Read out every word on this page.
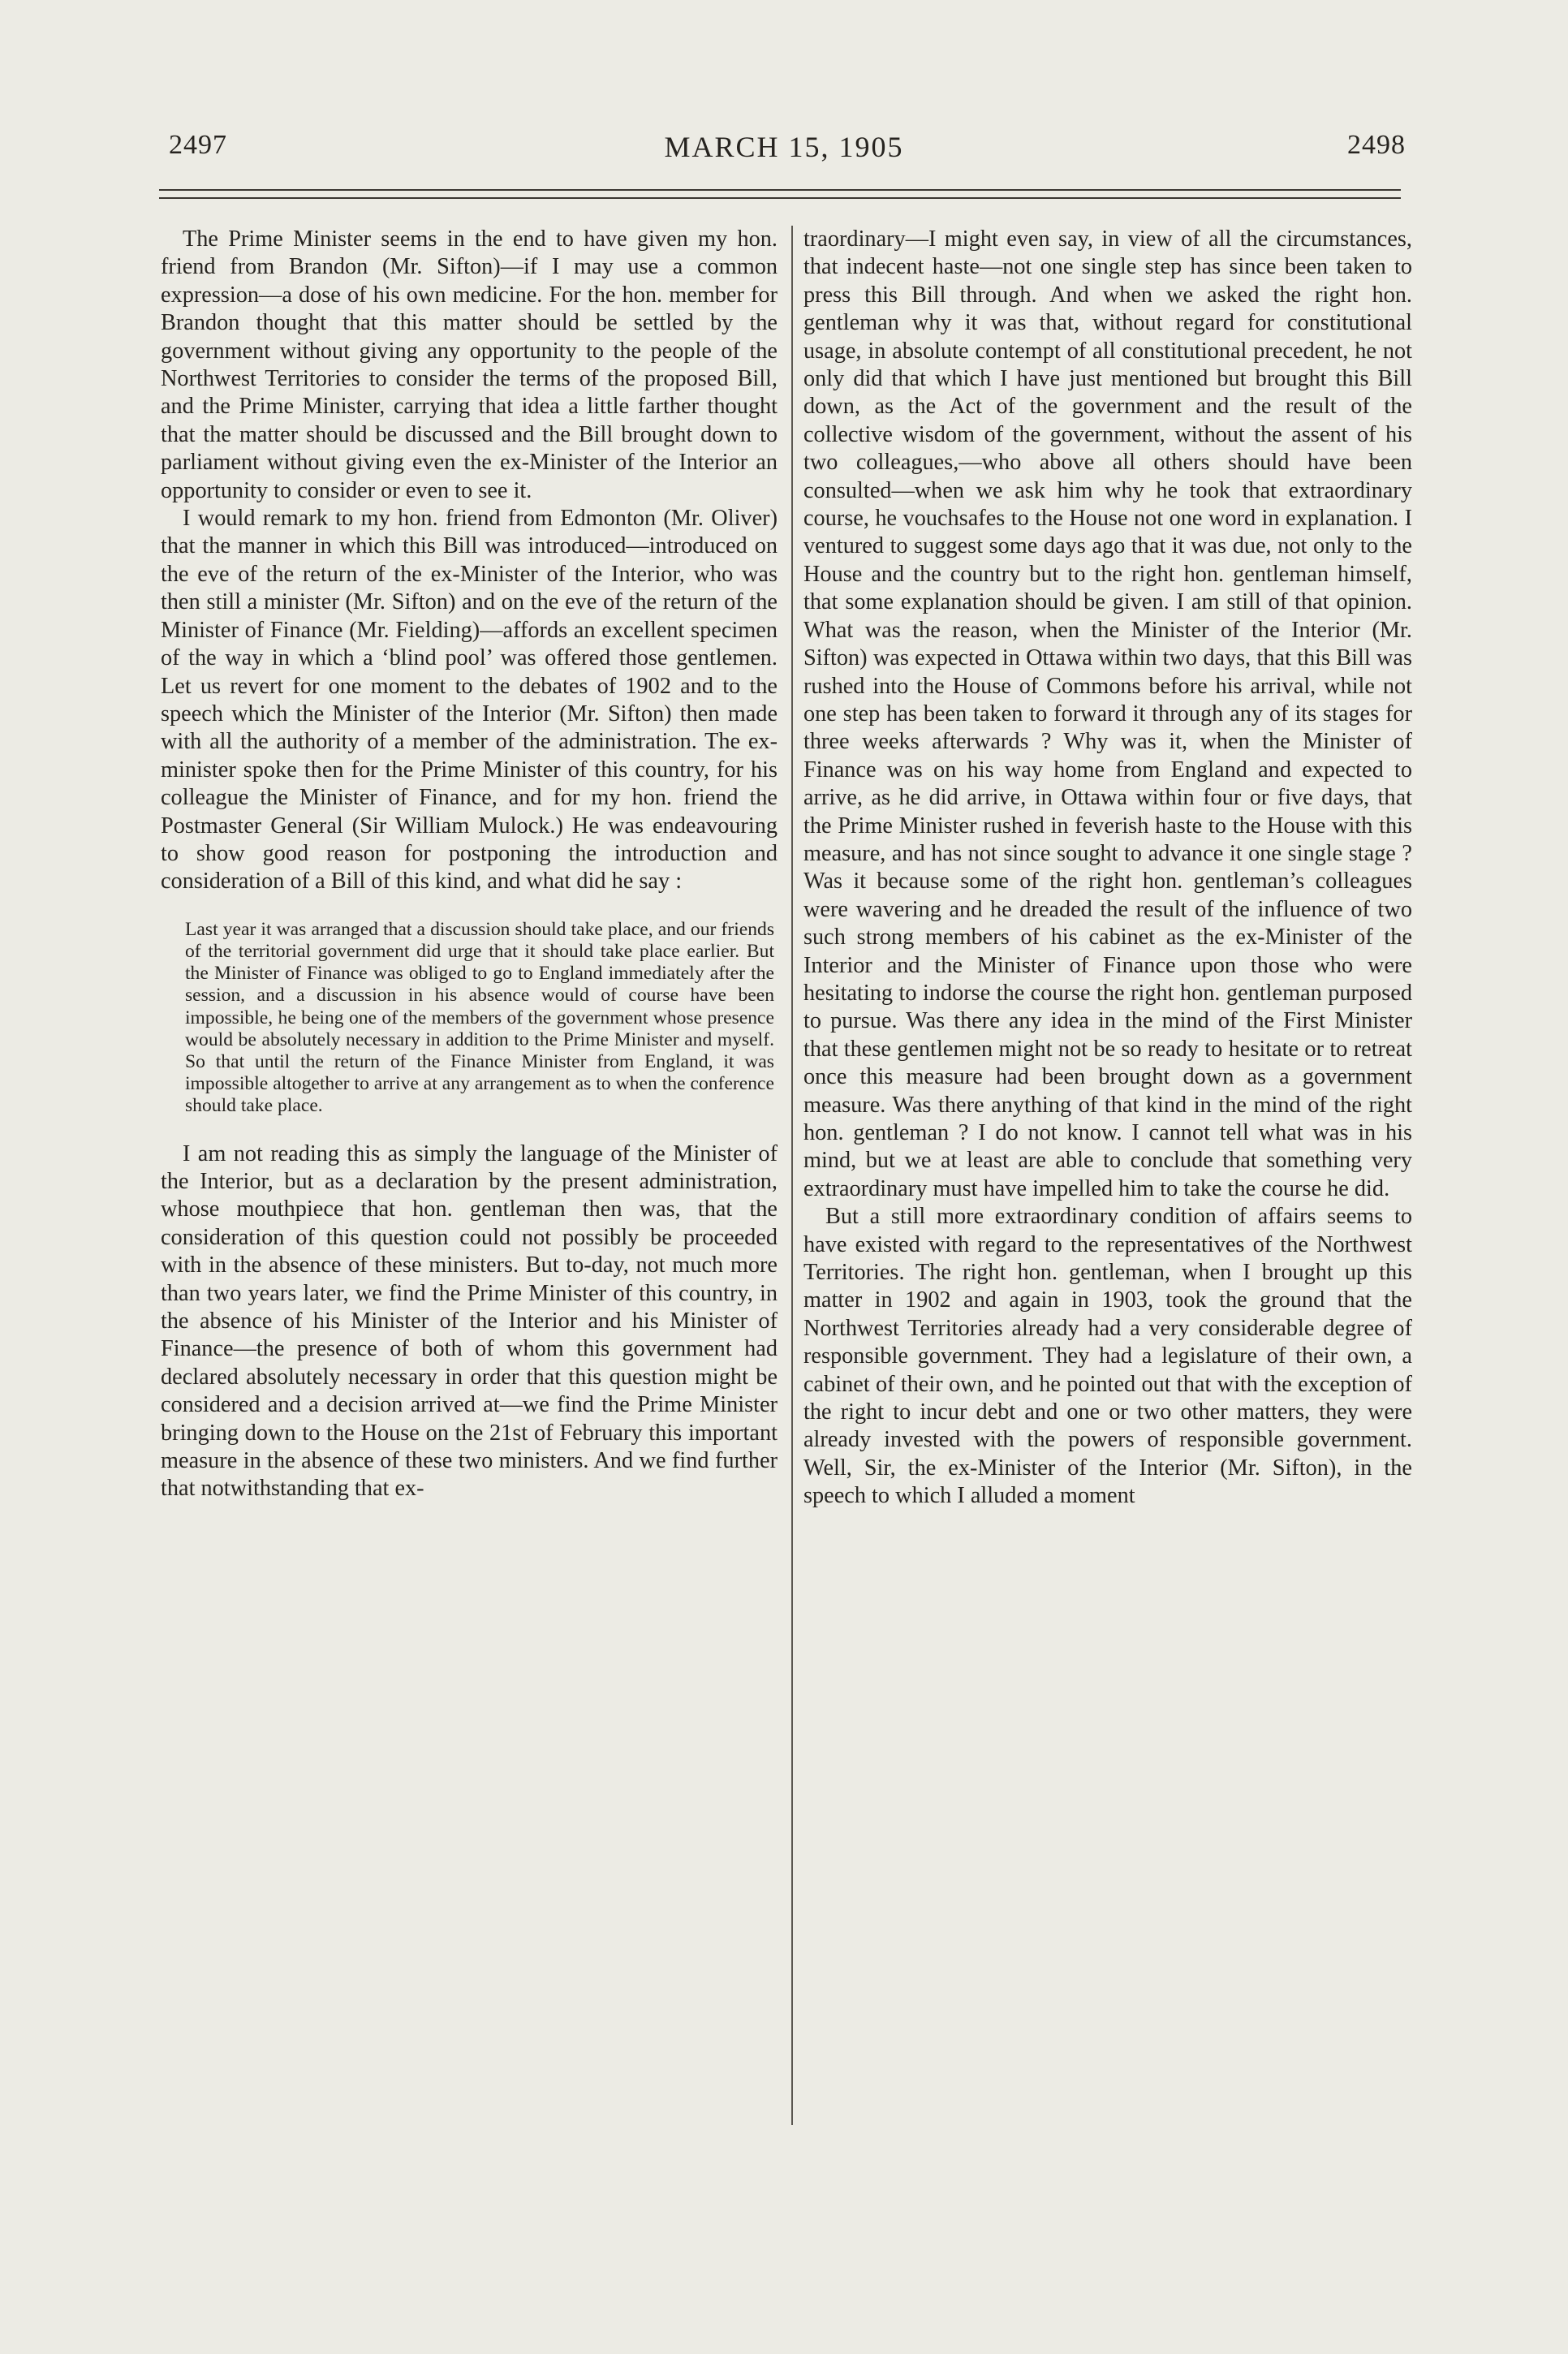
2497	MARCH 15, 1905	2498

The Prime Minister seems in the end to have given my hon. friend from Brandon (Mr. Sifton)—if I may use a common expression—a dose of his own medicine. For the hon. member for Brandon thought that this matter should be settled by the government without giving any opportunity to the people of the Northwest Territories to consider the terms of the proposed Bill, and the Prime Minister, carrying that idea a little farther thought that the matter should be discussed and the Bill brought down to parliament without giving even the ex-Minister of the Interior an opportunity to consider or even to see it.

I would remark to my hon. friend from Edmonton (Mr. Oliver) that the manner in which this Bill was introduced—introduced on the eve of the return of the ex-Minister of the Interior, who was then still a minister (Mr. Sifton) and on the eve of the return of the Minister of Finance (Mr. Fielding)—affords an excellent specimen of the way in which a ‘blind pool’ was offered those gentlemen. Let us revert for one moment to the debates of 1902 and to the speech which the Minister of the Interior (Mr. Sifton) then made with all the authority of a member of the administration. The ex-minister spoke then for the Prime Minister of this country, for his colleague the Minister of Finance, and for my hon. friend the Postmaster General (Sir William Mulock.) He was endeavouring to show good reason for postponing the introduction and consideration of a Bill of this kind, and what did he say :

Last year it was arranged that a discussion should take place, and our friends of the territorial government did urge that it should take place earlier. But the Minister of Finance was obliged to go to England immediately after the session, and a discussion in his absence would of course have been impossible, he being one of the members of the government whose presence would be absolutely necessary in addition to the Prime Minister and myself. So that until the return of the Finance Minister from England, it was impossible altogether to arrive at any arrangement as to when the conference should take place.

I am not reading this as simply the language of the Minister of the Interior, but as a declaration by the present administration, whose mouthpiece that hon. gentleman then was, that the consideration of this question could not possibly be proceeded with in the absence of these ministers. But to-day, not much more than two years later, we find the Prime Minister of this country, in the absence of his Minister of the Interior and his Minister of Finance—the presence of both of whom this government had declared absolutely necessary in order that this question might be considered and a decision arrived at—we find the Prime Minister bringing down to the House on the 21st of February this important measure in the absence of these two ministers. And we find further that notwithstanding that ex-

traordinary—I might even say, in view of all the circumstances, that indecent haste—not one single step has since been taken to press this Bill through. And when we asked the right hon. gentleman why it was that, without regard for constitutional usage, in absolute contempt of all constitutional precedent, he not only did that which I have just mentioned but brought this Bill down, as the Act of the government and the result of the collective wisdom of the government, without the assent of his two colleagues,—who above all others should have been consulted—when we ask him why he took that extraordinary course, he vouchsafes to the House not one word in explanation. I ventured to suggest some days ago that it was due, not only to the House and the country but to the right hon. gentleman himself, that some explanation should be given. I am still of that opinion. What was the reason, when the Minister of the Interior (Mr. Sifton) was expected in Ottawa within two days, that this Bill was rushed into the House of Commons before his arrival, while not one step has been taken to forward it through any of its stages for three weeks afterwards ? Why was it, when the Minister of Finance was on his way home from England and expected to arrive, as he did arrive, in Ottawa within four or five days, that the Prime Minister rushed in feverish haste to the House with this measure, and has not since sought to advance it one single stage ? Was it because some of the right hon. gentleman’s colleagues were wavering and he dreaded the result of the influence of two such strong members of his cabinet as the ex-Minister of the Interior and the Minister of Finance upon those who were hesitating to indorse the course the right hon. gentleman purposed to pursue. Was there any idea in the mind of the First Minister that these gentlemen might not be so ready to hesitate or to retreat once this measure had been brought down as a government measure. Was there anything of that kind in the mind of the right hon. gentleman ? I do not know. I cannot tell what was in his mind, but we at least are able to conclude that something very extraordinary must have impelled him to take the course he did.

But a still more extraordinary condition of affairs seems to have existed with regard to the representatives of the Northwest Territories. The right hon. gentleman, when I brought up this matter in 1902 and again in 1903, took the ground that the Northwest Territories already had a very considerable degree of responsible government. They had a legislature of their own, a cabinet of their own, and he pointed out that with the exception of the right to incur debt and one or two other matters, they were already invested with the powers of responsible government. Well, Sir, the ex-Minister of the Interior (Mr. Sifton), in the speech to which I alluded a moment
